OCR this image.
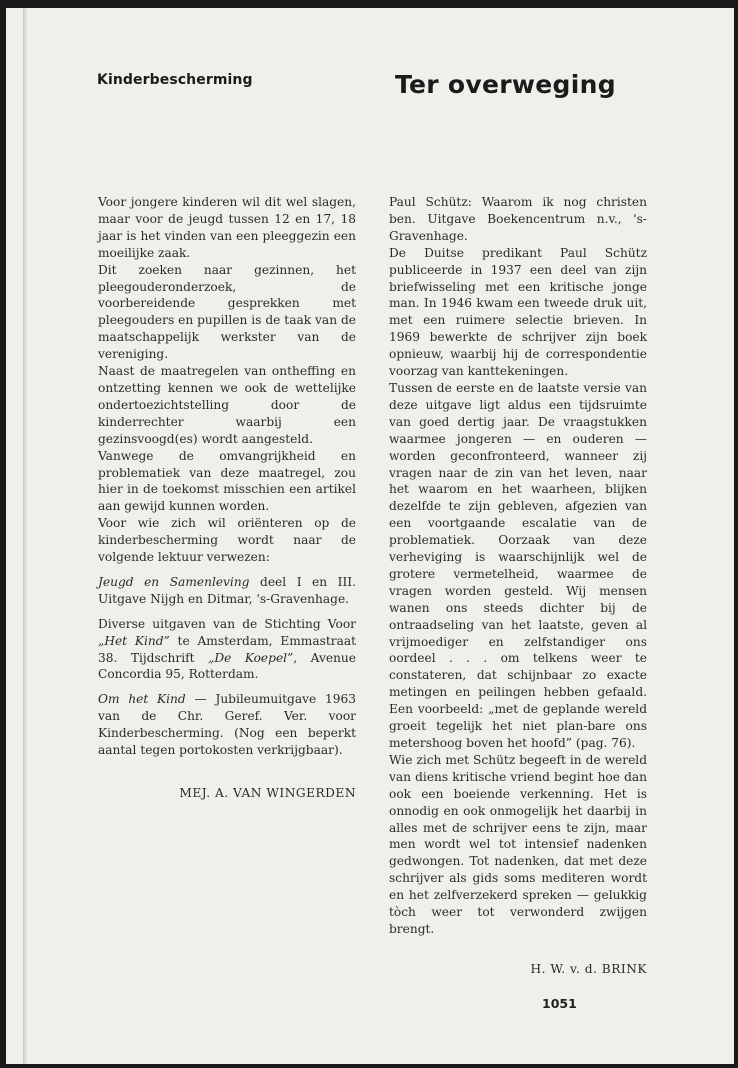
Kinderbescherming	Ter overweging

Voor jongere kinderen wil dit wel slagen, maar voor de jeugd tussen 12 en 17, 18 jaar is het vinden van een pleeggezin een moeilijke zaak.

Dit zoeken naar gezinnen, het pleegouderonderzoek, de voorbereidende gesprekken met pleegouders en pupillen is de taak van de maatschappelijk werkster van de vereniging.

Naast de maatregelen van ontheffing en ontzetting kennen we ook de wettelijke ondertoezichtstelling door de kinderrechter waarbij een gezinsvoogd(es) wordt aangesteld.

Vanwege de omvangrijkheid en problematiek van deze maatregel, zou hier in de toekomst misschien een artikel aan gewijd kunnen worden.

Voor wie zich wil oriënteren op de kinderbescherming wordt naar de volgende lektuur verwezen:

Jeugd en Samenleving deel I en III. Uitgave Nijgh en Ditmar, 's-Gravenhage.

Diverse uitgaven van de Stichting Voor „Het Kind” te Amsterdam, Emmastraat 38. Tijdschrift „De Koepel”, Avenue Concordia 95, Rotterdam.

Om het Kind — Jubileumuitgave 1963 van de Chr. Geref. Ver. voor Kinderbescherming. (Nog een beperkt aantal tegen portokosten verkrijgbaar).

MEJ. A. VAN WINGERDEN

Paul Schütz: Waarom ik nog christen ben. Uitgave Boekencentrum n.v., 's-Gravenhage.

De Duitse predikant Paul Schütz publiceerde in 1937 een deel van zijn briefwisseling met een kritische jonge man. In 1946 kwam een tweede druk uit, met een ruimere selectie brieven. In 1969 bewerkte de schrijver zijn boek opnieuw, waarbij hij de correspondentie voorzag van kanttekeningen.

Tussen de eerste en de laatste versie van deze uitgave ligt aldus een tijdsruimte van goed dertig jaar. De vraagstukken waarmee jongeren — en ouderen — worden geconfronteerd, wanneer zij vragen naar de zin van het leven, naar het waarom en het waarheen, blijken dezelfde te zijn gebleven, afgezien van een voortgaande escalatie van de problematiek. Oorzaak van deze verheviging is waarschijnlijk wel de grotere vermetelheid, waarmee de vragen worden gesteld. Wij mensen wanen ons steeds dichter bij de ontraadseling van het laatste, geven al vrijmoediger en zelfstandiger ons oordeel . . . om telkens weer te constateren, dat schijnbaar zo exacte metingen en peilingen hebben gefaald. Een voorbeeld: „met de geplande wereld groeit tegelijk het niet plan-bare ons metershoog boven het hoofd” (pag. 76).

Wie zich met Schütz begeeft in de wereld van diens kritische vriend begint hoe dan ook een boeiende verkenning. Het is onnodig en ook onmogelijk het daarbij in alles met de schrijver eens te zijn, maar men wordt wel tot intensief nadenken gedwongen. Tot nadenken, dat met deze schrijver als gids soms mediteren wordt en het zelfverzekerd spreken — gelukkig tòch weer tot verwonderd zwijgen brengt.

H. W. v. d. BRINK

1051
